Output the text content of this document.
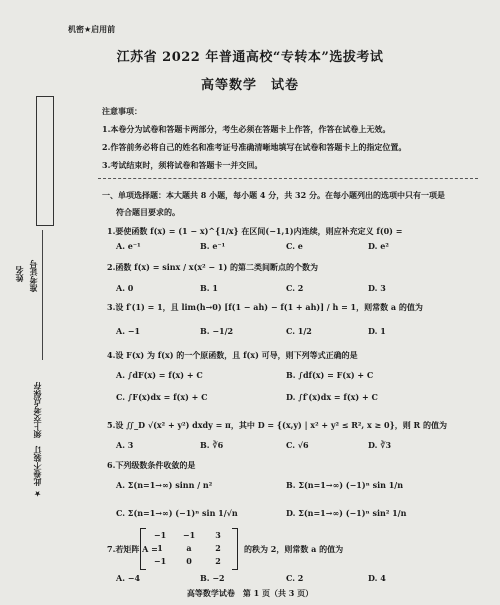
机密★启用前
江苏省 2022 年普通高校“专转本”选拔考试
高等数学　试卷
姓名 准考证号
★ 此卷不装订　须上交考点保存
注意事项：
1.本卷分为试卷和答题卡两部分，考生必须在答题卡上作答，作答在试卷上无效。
2.作答前务必将自己的姓名和准考证号准确清晰地填写在试卷和答题卡上的指定位置。
3.考试结束时，须将试卷和答题卡一并交回。
一、单项选择题：本大题共 8 小题，每小题 4 分，共 32 分。在每小题列出的选项中只有一项是
符合题目要求的。
1.要使函数 f(x) = (1 − x)^{1/x} 在区间(−1,1)内连续，则应补充定义 f(0) =
A. e⁻¹	B. e⁻¹	C. e	D. e²
2.函数 f(x) = sinx / x(x² − 1) 的第二类间断点的个数为
A. 0	B. 1	C. 2	D. 3
3.设 f′(1) = 1，且 lim(h→0) [f(1 − ah) − f(1 + ah)] / h = 1，则常数 a 的值为
A. −1	B. −1/2	C. 1/2	D. 1
4.设 F(x) 为 f(x) 的一个原函数，且 f(x) 可导，则下列等式正确的是
A. ∫dF(x) = f(x) + C	B. ∫df(x) = F(x) + C
C. ∫F(x)dx = f(x) + C	D. ∫f′(x)dx = f(x) + C
5.设 ∬_D √(x² + y²) dxdy = π，其中 D = {(x,y) | x² + y² ≤ R², x ≥ 0}，则 R 的值为
A. 3	B. ∛6	C. √6	D. ∛3
6.下列级数条件收敛的是
A. Σ(n=1→∞) sinn / n²	B. Σ(n=1→∞) (−1)ⁿ sin 1/n
C. Σ(n=1→∞) (−1)ⁿ sin 1/√n	D. Σ(n=1→∞) (−1)ⁿ sin² 1/n
7.若矩阵 A =
−1	−1	3
1	a	2
−1	0	2
的秩为 2，则常数 a 的值为
A. −4	B. −2	C. 2	D. 4
高等数学试卷　第 1 页（共 3 页）
